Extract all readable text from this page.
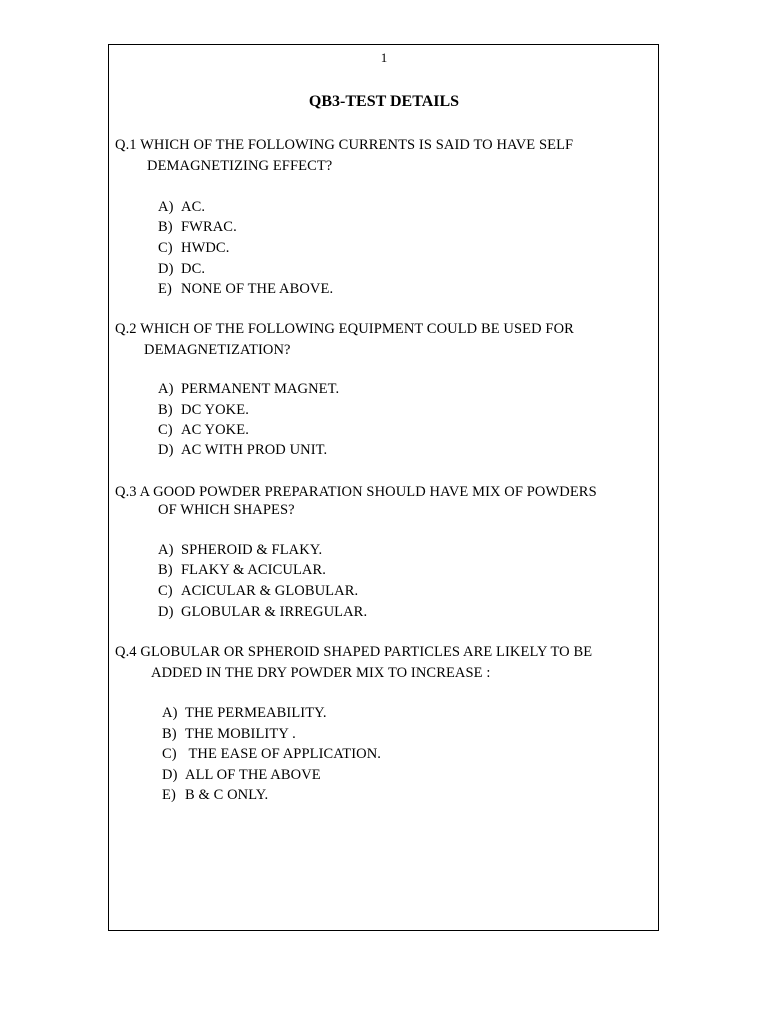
1
QB3-TEST DETAILS
Q.1 WHICH OF THE FOLLOWING CURRENTS IS SAID TO HAVE SELF
DEMAGNETIZING EFFECT?
A) AC.
B) FWRAC.
C) HWDC.
D) DC.
E) NONE OF THE ABOVE.
Q.2 WHICH OF THE FOLLOWING EQUIPMENT COULD BE USED FOR
DEMAGNETIZATION?
A) PERMANENT MAGNET.
B) DC YOKE.
C) AC YOKE.
D) AC WITH PROD UNIT.
Q.3 A GOOD POWDER PREPARATION SHOULD HAVE MIX OF POWDERS
OF WHICH SHAPES?
A) SPHEROID & FLAKY.
B) FLAKY & ACICULAR.
C) ACICULAR & GLOBULAR.
D) GLOBULAR & IRREGULAR.
Q.4 GLOBULAR OR SPHEROID SHAPED PARTICLES ARE LIKELY TO BE
ADDED IN THE DRY POWDER MIX TO INCREASE :
A) THE PERMEABILITY.
B) THE MOBILITY .
C) THE EASE OF APPLICATION.
D) ALL OF THE ABOVE
E) B & C ONLY.
